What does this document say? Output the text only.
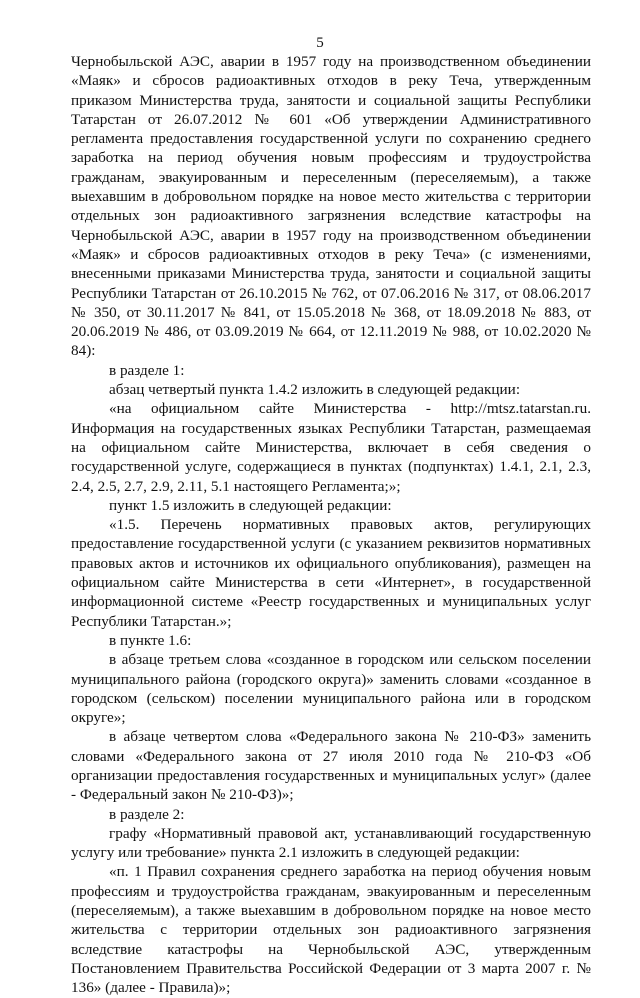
5

Чернобыльской АЭС, аварии в 1957 году на производственном объединении «Маяк» и сбросов радиоактивных отходов в реку Теча, утвержденным приказом Министерства труда, занятости и социальной защиты Республики Татарстан от 26.07.2012 № 601 «Об утверждении Административного регламента предоставления государственной услуги по сохранению среднего заработка на период обучения новым профессиям и трудоустройства гражданам, эвакуированным и переселенным (переселяемым), а также выехавшим в добровольном порядке на новое место жительства с территории отдельных зон радиоактивного загрязнения вследствие катастрофы на Чернобыльской АЭС, аварии в 1957 году на производственном объединении «Маяк» и сбросов радиоактивных отходов в реку Теча» (с изменениями, внесенными приказами Министерства труда, занятости и социальной защиты Республики Татарстан от 26.10.2015 № 762, от 07.06.2016 № 317, от 08.06.2017 № 350, от 30.11.2017 № 841, от 15.05.2018 № 368, от 18.09.2018 № 883, от 20.06.2019 № 486, от 03.09.2019 № 664, от 12.11.2019 № 988, от 10.02.2020 № 84):

в разделе 1:

абзац четвертый пункта 1.4.2 изложить в следующей редакции:

«на официальном сайте Министерства - http://mtsz.tatarstan.ru. Информация на государственных языках Республики Татарстан, размещаемая на официальном сайте Министерства, включает в себя сведения о государственной услуге, содержащиеся в пунктах (подпунктах) 1.4.1, 2.1, 2.3, 2.4, 2.5, 2.7, 2.9, 2.11, 5.1 настоящего Регламента;»;

пункт 1.5 изложить в следующей редакции:

«1.5. Перечень нормативных правовых актов, регулирующих предоставление государственной услуги (с указанием реквизитов нормативных правовых актов и источников их официального опубликования), размещен на официальном сайте Министерства в сети «Интернет», в государственной информационной системе «Реестр государственных и муниципальных услуг Республики Татарстан.»;

в пункте 1.6:

в абзаце третьем слова «созданное в городском или сельском поселении муниципального района (городского округа)» заменить словами «созданное в городском (сельском) поселении муниципального района или в городском округе»;

в абзаце четвертом слова «Федерального закона № 210-ФЗ» заменить словами «Федерального закона от 27 июля 2010 года № 210-ФЗ «Об организации предоставления государственных и муниципальных услуг» (далее - Федеральный закон № 210-ФЗ)»;

в разделе 2:

графу «Нормативный правовой акт, устанавливающий государственную услугу или требование» пункта 2.1 изложить в следующей редакции:

«п. 1 Правил сохранения среднего заработка на период обучения новым профессиям и трудоустройства гражданам, эвакуированным и переселенным (переселяемым), а также выехавшим в добровольном порядке на новое место жительства с территории отдельных зон радиоактивного загрязнения вследствие катастрофы на Чернобыльской АЭС, утвержденным Постановлением Правительства Российской Федерации от 3 марта 2007 г. № 136» (далее - Правила)»;
